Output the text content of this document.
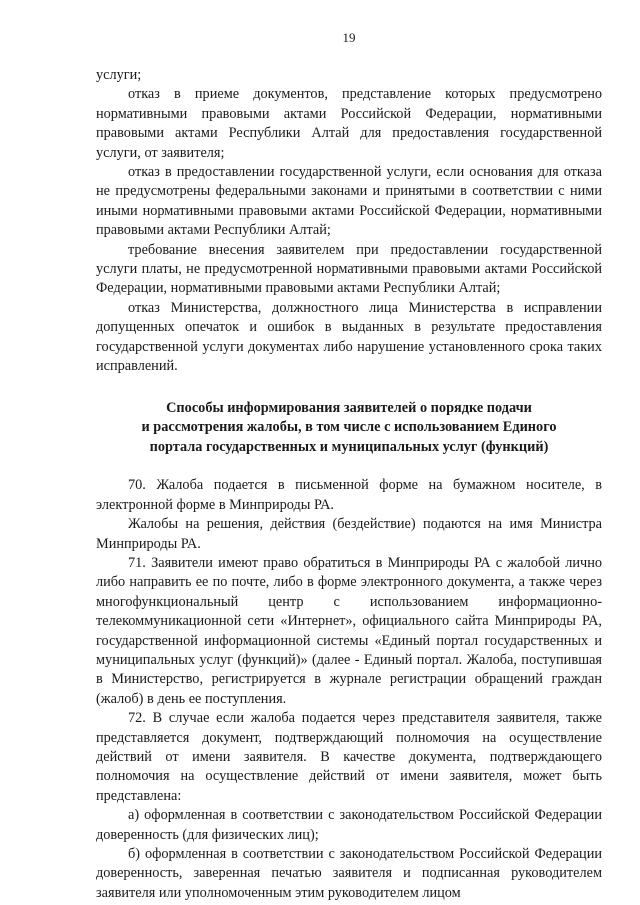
19

услуги;

отказ в приеме документов, представление которых предусмотрено нормативными правовыми актами Российской Федерации, нормативными правовыми актами Республики Алтай для предоставления государственной услуги, от заявителя;

отказ в предоставлении государственной услуги, если основания для отказа не предусмотрены федеральными законами и принятыми в соответствии с ними иными нормативными правовыми актами Российской Федерации, нормативными правовыми актами Республики Алтай;

требование внесения заявителем при предоставлении государственной услуги платы, не предусмотренной нормативными правовыми актами Российской Федерации, нормативными правовыми актами Республики Алтай;

отказ Министерства, должностного лица Министерства в исправлении допущенных опечаток и ошибок в выданных в результате предоставления государственной услуги документах либо нарушение установленного срока таких исправлений.

Способы информирования заявителей о порядке подачи
и рассмотрения жалобы, в том числе с использованием Единого
портала государственных и муниципальных услуг (функций)

70. Жалоба подается в письменной форме на бумажном носителе, в электронной форме в Минприроды РА.

Жалобы на решения, действия (бездействие) подаются на имя Министра Минприроды РА.

71. Заявители имеют право обратиться в Минприроды РА с жалобой лично либо направить ее по почте, либо в форме электронного документа, а также через многофункциональный центр с использованием информационно-телекоммуникационной сети «Интернет», официального сайта Минприроды РА, государственной информационной системы «Единый портал государственных и муниципальных услуг (функций)» (далее - Единый портал. Жалоба, поступившая в Министерство, регистрируется в журнале регистрации обращений граждан (жалоб) в день ее поступления.

72. В случае если жалоба подается через представителя заявителя, также представляется документ, подтверждающий полномочия на осуществление действий от имени заявителя. В качестве документа, подтверждающего полномочия на осуществление действий от имени заявителя, может быть представлена:

а) оформленная в соответствии с законодательством Российской Федерации доверенность (для физических лиц);

б) оформленная в соответствии с законодательством Российской Федерации доверенность, заверенная печатью заявителя и подписанная руководителем заявителя или уполномоченным этим руководителем лицом
